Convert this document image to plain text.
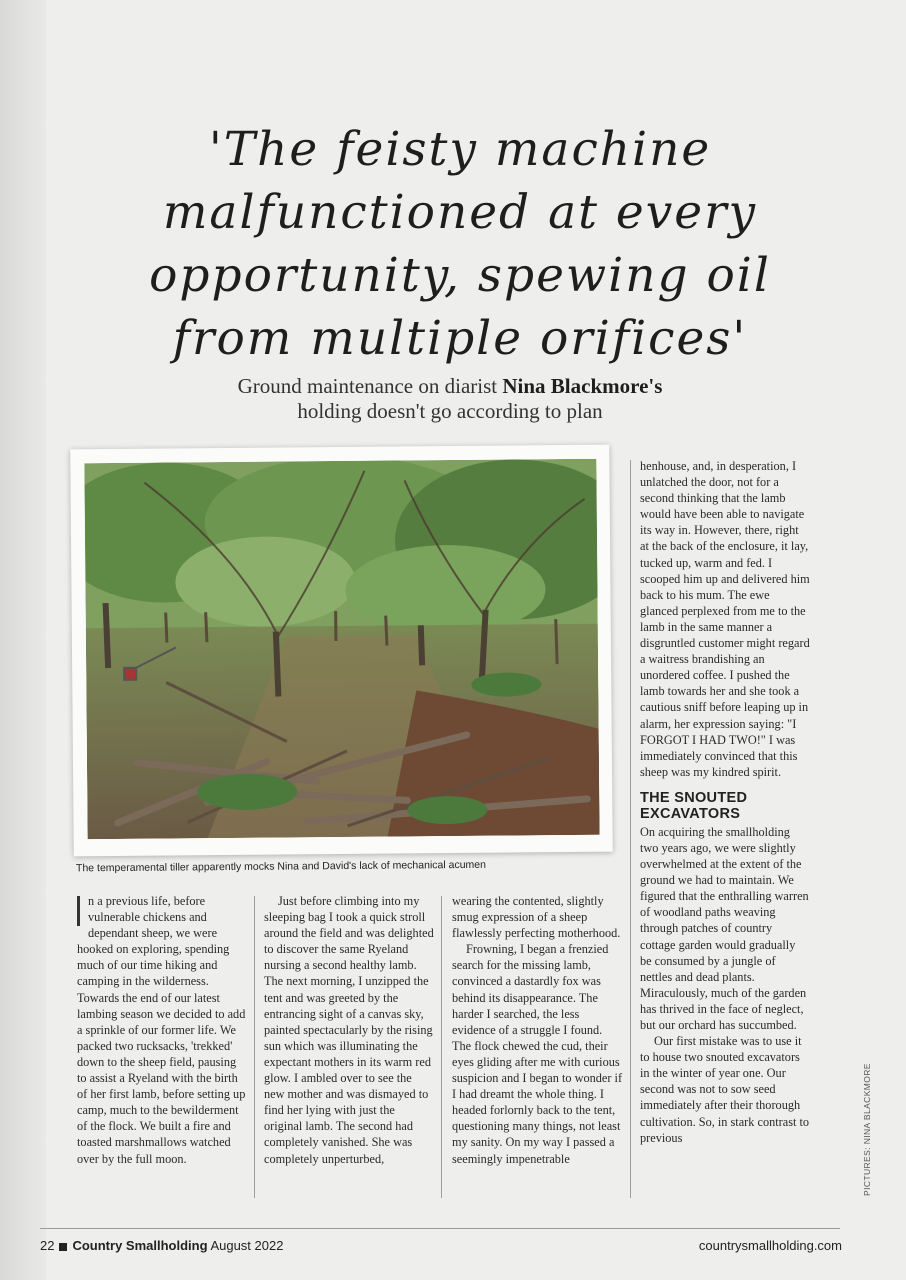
'The feisty machine malfunctioned at every opportunity, spewing oil from multiple orifices'
Ground maintenance on diarist Nina Blackmore's
holding doesn't go according to plan
The temperamental tiller apparently mocks Nina and David's lack of mechanical acumen

n a previous life, before vulnerable chickens and dependant sheep, we were hooked on exploring, spending much of our time hiking and camping in the wilderness. Towards the end of our latest lambing season we decided to add a sprinkle of our former life. We packed two rucksacks, 'trekked' down to the sheep field, pausing to assist a Ryeland with the birth of her first lamb, before setting up camp, much to the bewilderment of the flock. We built a fire and toasted marshmallows watched over by the full moon.

Just before climbing into my sleeping bag I took a quick stroll around the field and was delighted to discover the same Ryeland nursing a second healthy lamb. The next morning, I unzipped the tent and was greeted by the entrancing sight of a canvas sky, painted spectacularly by the rising sun which was illuminating the expectant mothers in its warm red glow. I ambled over to see the new mother and was dismayed to find her lying with just the original lamb. The second had completely vanished. She was completely unperturbed,

wearing the contented, slightly smug expression of a sheep flawlessly perfecting motherhood.

Frowning, I began a frenzied search for the missing lamb, convinced a dastardly fox was behind its disappearance. The harder I searched, the less evidence of a struggle I found. The flock chewed the cud, their eyes gliding after me with curious suspicion and I began to wonder if I had dreamt the whole thing. I headed forlornly back to the tent, questioning many things, not least my sanity. On my way I passed a seemingly impenetrable

henhouse, and, in desperation, I unlatched the door, not for a second thinking that the lamb would have been able to navigate its way in. However, there, right at the back of the enclosure, it lay, tucked up, warm and fed. I scooped him up and delivered him back to his mum. The ewe glanced perplexed from me to the lamb in the same manner a disgruntled customer might regard a waitress brandishing an unordered coffee. I pushed the lamb towards her and she took a cautious sniff before leaping up in alarm, her expression saying: "I FORGOT I HAD TWO!" I was immediately convinced that this sheep was my kindred spirit.

THE SNOUTED EXCAVATORS

On acquiring the smallholding two years ago, we were slightly overwhelmed at the extent of the ground we had to maintain. We figured that the enthralling warren of woodland paths weaving through patches of country cottage garden would gradually be consumed by a jungle of nettles and dead plants. Miraculously, much of the garden has thrived in the face of neglect, but our orchard has succumbed.

Our first mistake was to use it to house two snouted excavators in the winter of year one. Our second was not to sow seed immediately after their thorough cultivation. So, in stark contrast to previous	PICTURES: NINA BLACKMORE
22 Country Smallholding August 2022	countrysmallholding.com
